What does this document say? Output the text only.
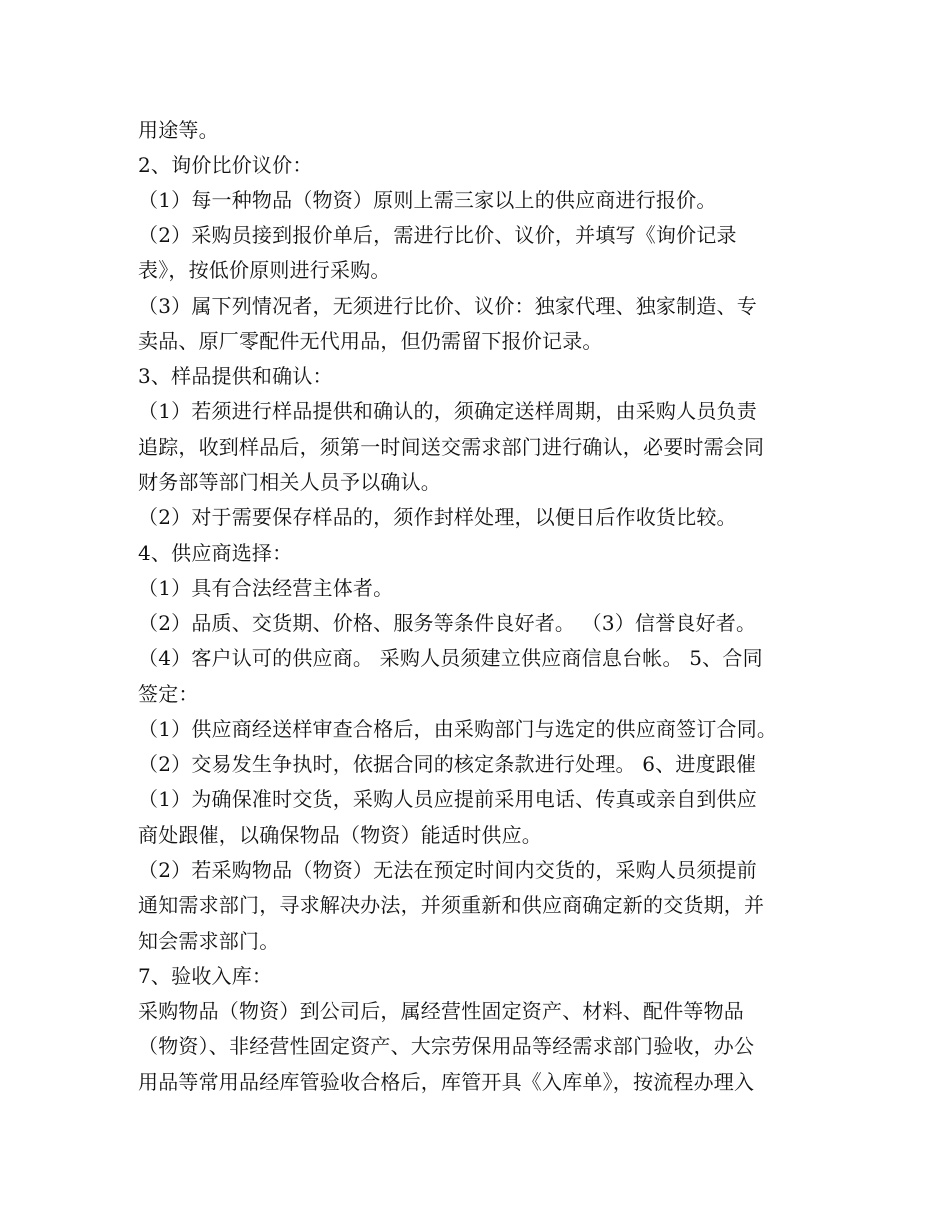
用途等。
2、询价比价议价：
（1）每一种物品（物资）原则上需三家以上的供应商进行报价。
（2）采购员接到报价单后，需进行比价、议价，并填写《询价记录
表》，按低价原则进行采购。
（3）属下列情况者，无须进行比价、议价：独家代理、独家制造、专
卖品、原厂零配件无代用品，但仍需留下报价记录。
3、样品提供和确认：
（1）若须进行样品提供和确认的，须确定送样周期，由采购人员负责
追踪，收到样品后，须第一时间送交需求部门进行确认，必要时需会同
财务部等部门相关人员予以确认。
（2）对于需要保存样品的，须作封样处理，以便日后作收货比较。
4、供应商选择：
（1）具有合法经营主体者。
（2）品质、交货期、价格、服务等条件良好者。 （3）信誉良好者。
（4）客户认可的供应商。 采购人员须建立供应商信息台帐。 5、合同
签定：
（1）供应商经送样审查合格后，由采购部门与选定的供应商签订合同。
（2）交易发生争执时，依据合同的核定条款进行处理。 6、进度跟催
（1）为确保准时交货，采购人员应提前采用电话、传真或亲自到供应
商处跟催，以确保物品（物资）能适时供应。
（2）若采购物品（物资）无法在预定时间内交货的，采购人员须提前
通知需求部门，寻求解决办法，并须重新和供应商确定新的交货期，并
知会需求部门。
7、验收入库：
采购物品（物资）到公司后，属经营性固定资产、材料、配件等物品
（物资）、非经营性固定资产、大宗劳保用品等经需求部门验收，办公
用品等常用品经库管验收合格后，库管开具《入库单》，按流程办理入
